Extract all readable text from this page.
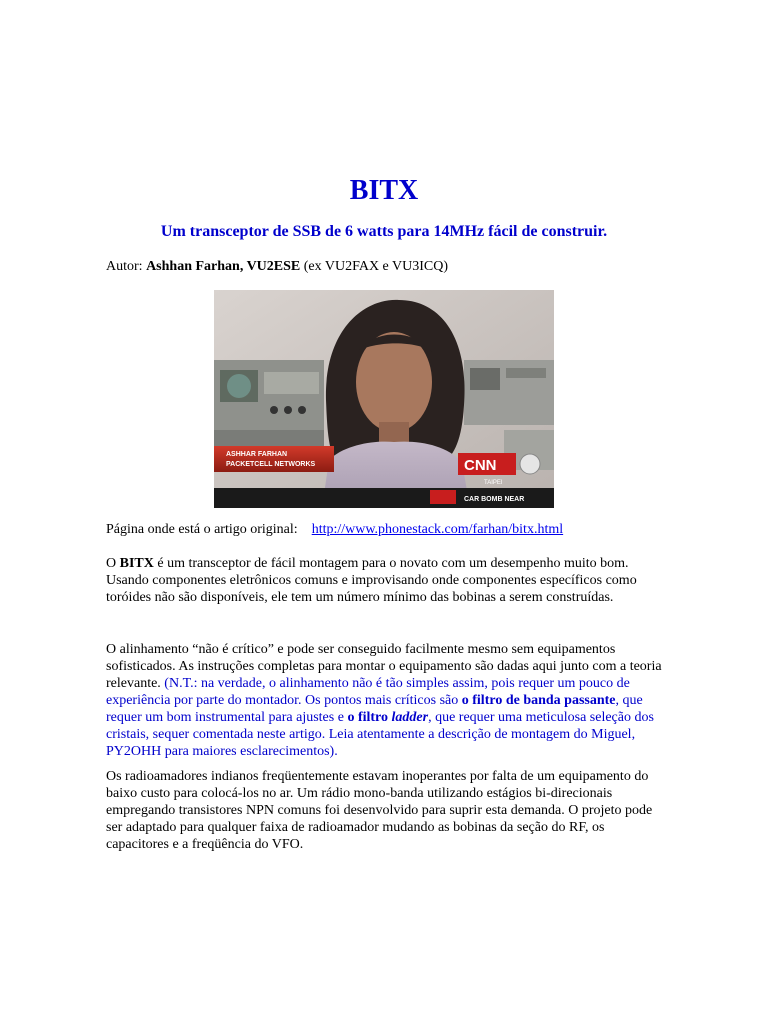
BITX
Um transceptor de SSB de 6 watts para 14MHz fácil de construir.

Autor: Ashhan Farhan, VU2ESE (ex VU2FAX e VU3ICQ)

ASHHAR FARHAN
PACKETCELL NETWORKS	CNN
TAIPEI
CAR BOMB NEAR

Página onde está o artigo original: http://www.phonestack.com/farhan/bitx.html

O BITX é um transceptor de fácil montagem para o novato com um desempenho muito bom. Usando componentes eletrônicos comuns e improvisando onde componentes específicos como toróides não são disponíveis, ele tem um número mínimo das bobinas a serem construídas.

O alinhamento “não é crítico” e pode ser conseguido facilmente mesmo sem equipamentos sofisticados. As instruções completas para montar o equipamento são dadas aqui junto com a teoria relevante. (N.T.: na verdade, o alinhamento não é tão simples assim, pois requer um pouco de experiência por parte do montador. Os pontos mais críticos são o filtro de banda passante, que requer um bom instrumental para ajustes e o filtro ladder, que requer uma meticulosa seleção dos cristais, sequer comentada neste artigo. Leia atentamente a descrição de montagem do Miguel, PY2OHH para maiores esclarecimentos).

Os radioamadores indianos freqüentemente estavam inoperantes por falta de um equipamento do baixo custo para colocá-los no ar. Um rádio mono-banda utilizando estágios bi-direcionais empregando transistores NPN comuns foi desenvolvido para suprir esta demanda. O projeto pode ser adaptado para qualquer faixa de radioamador mudando as bobinas da seção do RF, os capacitores e a freqüência do VFO.
